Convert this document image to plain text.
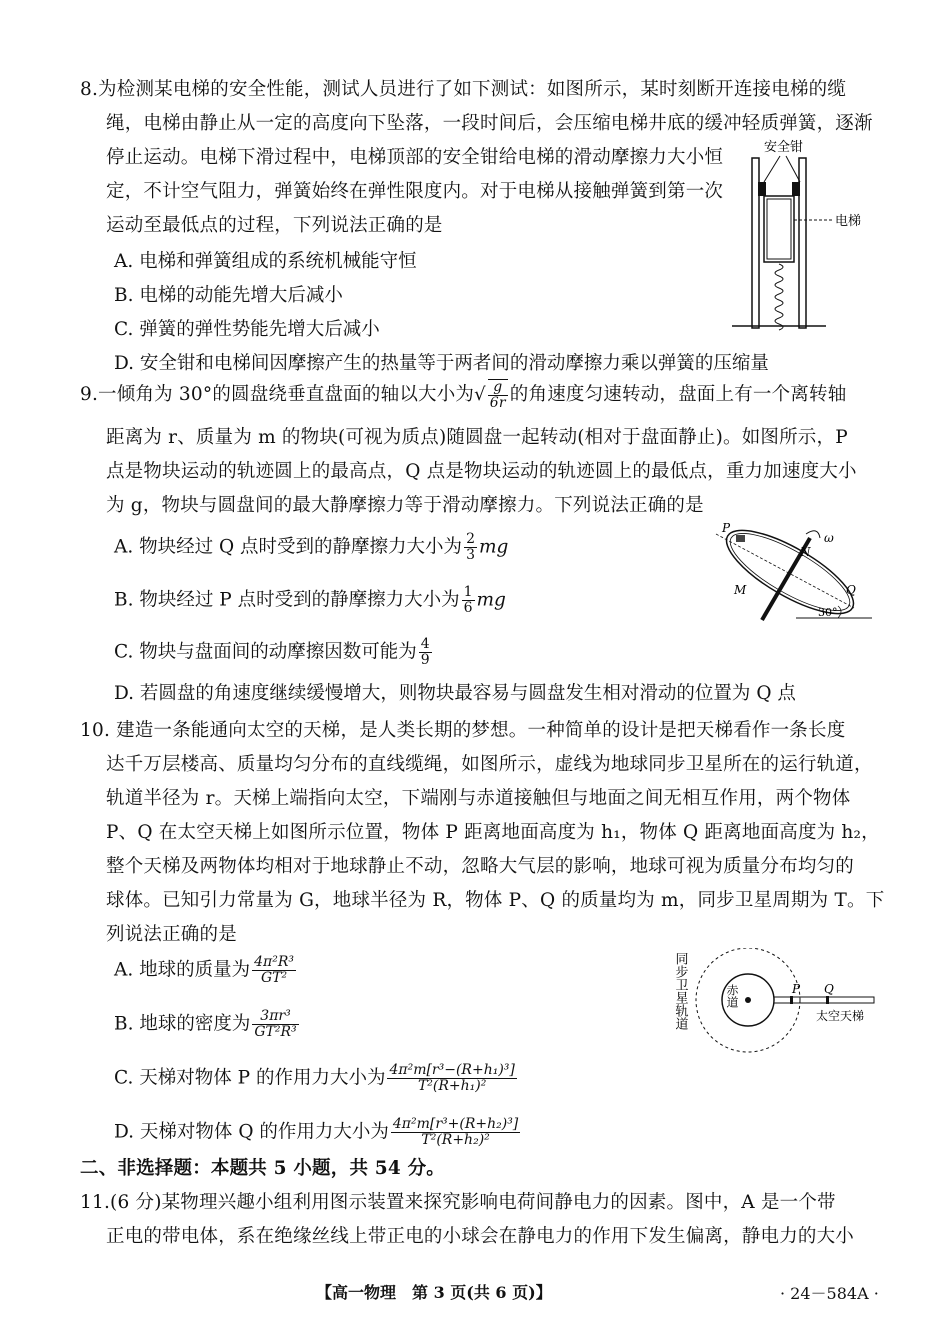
8.为检测某电梯的安全性能，测试人员进行了如下测试：如图所示，某时刻断开连接电梯的缆
绳，电梯由静止从一定的高度向下坠落，一段时间后，会压缩电梯井底的缓冲轻质弹簧，逐渐
停止运动。电梯下滑过程中，电梯顶部的安全钳给电梯的滑动摩擦力大小恒
定，不计空气阻力，弹簧始终在弹性限度内。对于电梯从接触弹簧到第一次
运动至最低点的过程，下列说法正确的是
A. 电梯和弹簧组成的系统机械能守恒
B. 电梯的动能先增大后减小
C. 弹簧的弹性势能先增大后减小
D. 安全钳和电梯间因摩擦产生的热量等于两者间的滑动摩擦力乘以弹簧的压缩量
安全钳
电梯
9.一倾角为 30°的圆盘绕垂直盘面的轴以大小为√ $\frac{g}{6r}$ 的角速度匀速转动，盘面上有一个离转轴
距离为 r、质量为 m 的物块(可视为质点)随圆盘一起转动(相对于盘面静止)。如图所示，P
点是物块运动的轨迹圆上的最高点，Q 点是物块运动的轨迹圆上的最低点，重力加速度大小
为 g，物块与圆盘间的最大静摩擦力等于滑动摩擦力。下列说法正确的是
A. 物块经过 Q 点时受到的静摩擦力大小为 $\frac{2}{3}$ mg
B. 物块经过 P 点时受到的静摩擦力大小为 $\frac{1}{6}$ mg
C. 物块与盘面间的动摩擦因数可能为 $\frac{4}{9}$
D. 若圆盘的角速度继续缓慢增大，则物块最容易与圆盘发生相对滑动的位置为 Q 点
P
Q
M
N
ω
30°
10. 建造一条能通向太空的天梯，是人类长期的梦想。一种简单的设计是把天梯看作一条长度
达千万层楼高、质量均匀分布的直线缆绳，如图所示，虚线为地球同步卫星所在的运行轨道，
轨道半径为 r。天梯上端指向太空，下端刚与赤道接触但与地面之间无相互作用，两个物体
P、Q 在太空天梯上如图所示位置，物体 P 距离地面高度为 h₁，物体 Q 距离地面高度为 h₂，
整个天梯及两物体均相对于地球静止不动，忽略大气层的影响，地球可视为质量分布均匀的
球体。已知引力常量为 G，地球半径为 R，物体 P、Q 的质量均为 m，同步卫星周期为 T。下
列说法正确的是
A. 地球的质量为 $\frac{\text{4π²R³}}{\text{GT²}}$
B. 地球的密度为 $\frac{\text{3πr³}}{\text{GT²R³}}$
C. 天梯对物体 P 的作用力大小为 $\frac{\text{4π²m[r³−(R+h₁)³]}}{\text{T²(R+h₁)²}}$
D. 天梯对物体 Q 的作用力大小为 $\frac{\text{4π²m[r³+(R+h₂)³]}}{\text{T²(R+h₂)²}}$
同步卫星轨道	赤道	P Q
太空天梯
二、非选择题：本题共 5 小题，共 54 分。
11.(6 分)某物理兴趣小组利用图示装置来探究影响电荷间静电力的因素。图中，A 是一个带
正电的带电体，系在绝缘丝线上带正电的小球会在静电力的作用下发生偏离，静电力的大小
【高一物理　第 3 页(共 6 页)】	· 24－584A ·
